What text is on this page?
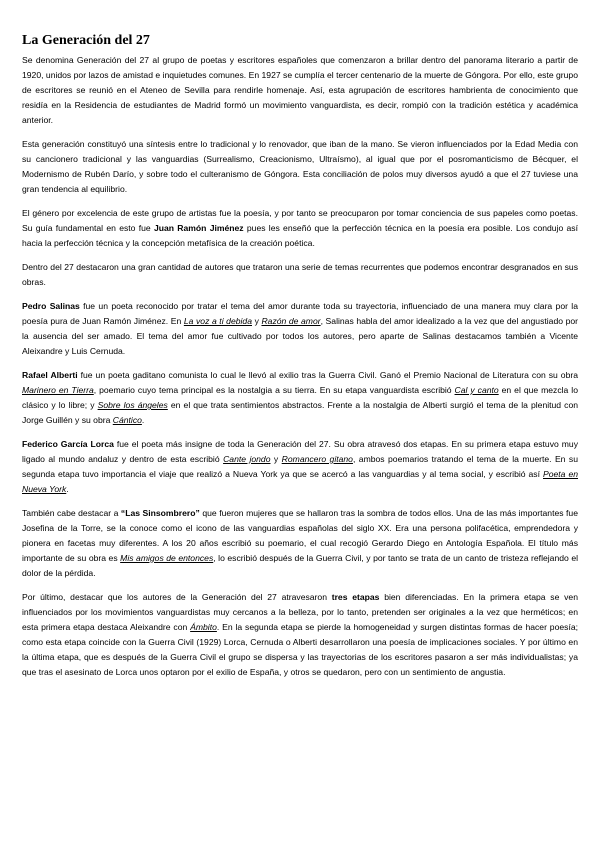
La Generación del 27

Se denomina Generación del 27 al grupo de poetas y escritores españoles que comenzaron a brillar dentro del panorama literario a partir de 1920, unidos por lazos de amistad e inquietudes comunes. En 1927 se cumplía el tercer centenario de la muerte de Góngora. Por ello, este grupo de escritores se reunió en el Ateneo de Sevilla para rendirle homenaje. Así, esta agrupación de escritores hambrienta de conocimiento que residía en la Residencia de estudiantes de Madrid formó un movimiento vanguardista, es decir, rompió con la tradición estética y académica anterior.

Esta generación constituyó una síntesis entre lo tradicional y lo renovador, que iban de la mano. Se vieron influenciados por la Edad Media con su cancionero tradicional y las vanguardias (Surrealismo, Creacionismo, Ultraísmo), al igual que por el posromanticismo de Bécquer, el Modernismo de Rubén Darío, y sobre todo el culteranismo de Góngora. Esta conciliación de polos muy diversos ayudó a que el 27 tuviese una gran tendencia al equilibrio.

El género por excelencia de este grupo de artistas fue la poesía, y por tanto se preocuparon por tomar conciencia de sus papeles como poetas. Su guía fundamental en esto fue Juan Ramón Jiménez pues les enseñó que la perfección técnica en la poesía era posible. Los condujo así hacia la perfección técnica y la concepción metafísica de la creación poética.

Dentro del 27 destacaron una gran cantidad de autores que trataron una serie de temas recurrentes que podemos encontrar desgranados en sus obras.

Pedro Salinas fue un poeta reconocido por tratar el tema del amor durante toda su trayectoria, influenciado de una manera muy clara por la poesía pura de Juan Ramón Jiménez. En La voz a ti debida y Razón de amor, Salinas habla del amor idealizado a la vez que del angustiado por la ausencia del ser amado. El tema del amor fue cultivado por todos los autores, pero aparte de Salinas destacamos también a Vicente Aleixandre y Luis Cernuda.

Rafael Alberti fue un poeta gaditano comunista lo cual le llevó al exilio tras la Guerra Civil. Ganó el Premio Nacional de Literatura con su obra Marinero en Tierra, poemario cuyo tema principal es la nostalgia a su tierra. En su etapa vanguardista escribió Cal y canto en el que mezcla lo clásico y lo libre; y Sobre los ángeles en el que trata sentimientos abstractos. Frente a la nostalgia de Alberti surgió el tema de la plenitud con Jorge Guillén y su obra Cántico.

Federico García Lorca fue el poeta más insigne de toda la Generación del 27. Su obra atravesó dos etapas. En su primera etapa estuvo muy ligado al mundo andaluz y dentro de esta escribió Cante jondo y Romancero gitano, ambos poemarios tratando el tema de la muerte. En su segunda etapa tuvo importancia el viaje que realizó a Nueva York ya que se acercó a las vanguardias y al tema social, y escribió así Poeta en Nueva York.

También cabe destacar a “Las Sinsombrero” que fueron mujeres que se hallaron tras la sombra de todos ellos. Una de las más importantes fue Josefina de la Torre, se la conoce como el icono de las vanguardias españolas del siglo XX. Era una persona polifacética, emprendedora y pionera en facetas muy diferentes. A los 20 años escribió su poemario, el cual recogió Gerardo Diego en Antología Española. El título más importante de su obra es Mis amigos de entonces, lo escribió después de la Guerra Civil, y por tanto se trata de un canto de tristeza reflejando el dolor de la pérdida.

Por último, destacar que los autores de la Generación del 27 atravesaron tres etapas bien diferenciadas. En la primera etapa se ven influenciados por los movimientos vanguardistas muy cercanos a la belleza, por lo tanto, pretenden ser originales a la vez que herméticos; en esta primera etapa destaca Aleixandre con Ámbito. En la segunda etapa se pierde la homogeneidad y surgen distintas formas de hacer poesía; como esta etapa coincide con la Guerra Civil (1929) Lorca, Cernuda o Alberti desarrollaron una poesía de implicaciones sociales. Y por último en la última etapa, que es después de la Guerra Civil el grupo se dispersa y las trayectorias de los escritores pasaron a ser más individualistas; ya que tras el asesinato de Lorca unos optaron por el exilio de España, y otros se quedaron, pero con un sentimiento de angustia.
